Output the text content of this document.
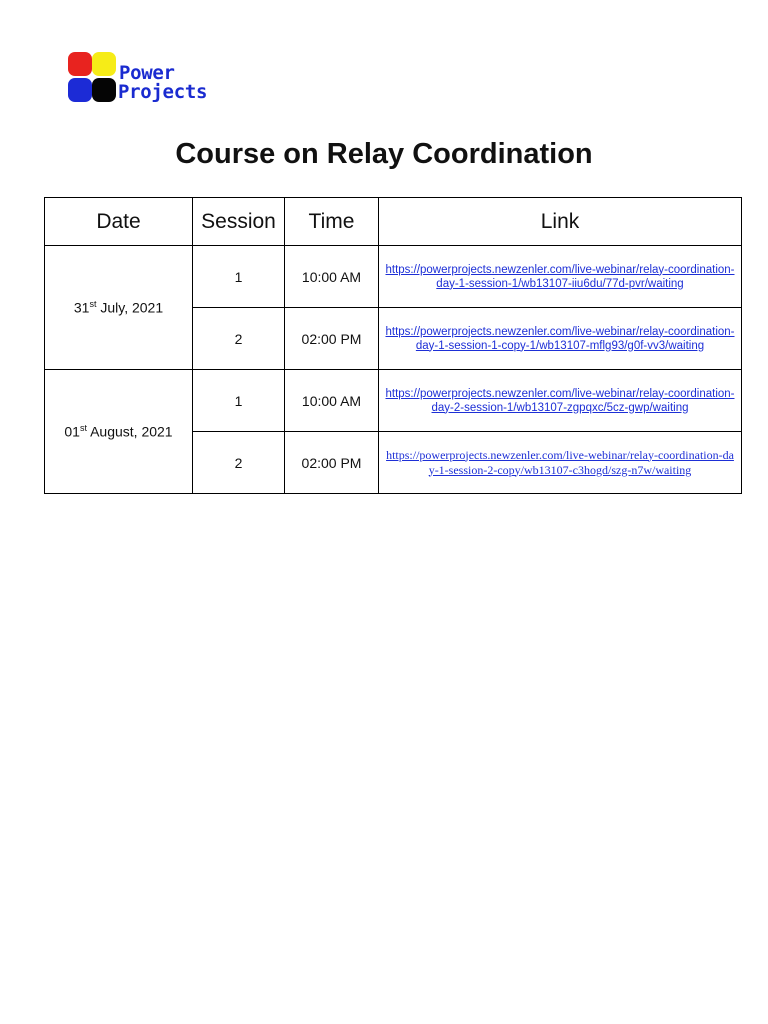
Power
Projects
Course on Relay Coordination
Date	Session	Time	Link
31st July, 2021	1	10:00 AM	https://powerprojects.newzenler.com/live-webinar/relay-coordination-day-1-session-1/wb13107-iiu6du/77d-pvr/waiting
	2	02:00 PM	https://powerprojects.newzenler.com/live-webinar/relay-coordination-day-1-session-1-copy-1/wb13107-mflg93/g0f-vv3/waiting
01st August, 2021	1	10:00 AM	https://powerprojects.newzenler.com/live-webinar/relay-coordination-day-2-session-1/wb13107-zgpqxc/5cz-gwp/waiting
	2	02:00 PM	https://powerprojects.newzenler.com/live-webinar/relay-coordination-day-1-session-2-copy/wb13107-c3hogd/szg-n7w/waiting
